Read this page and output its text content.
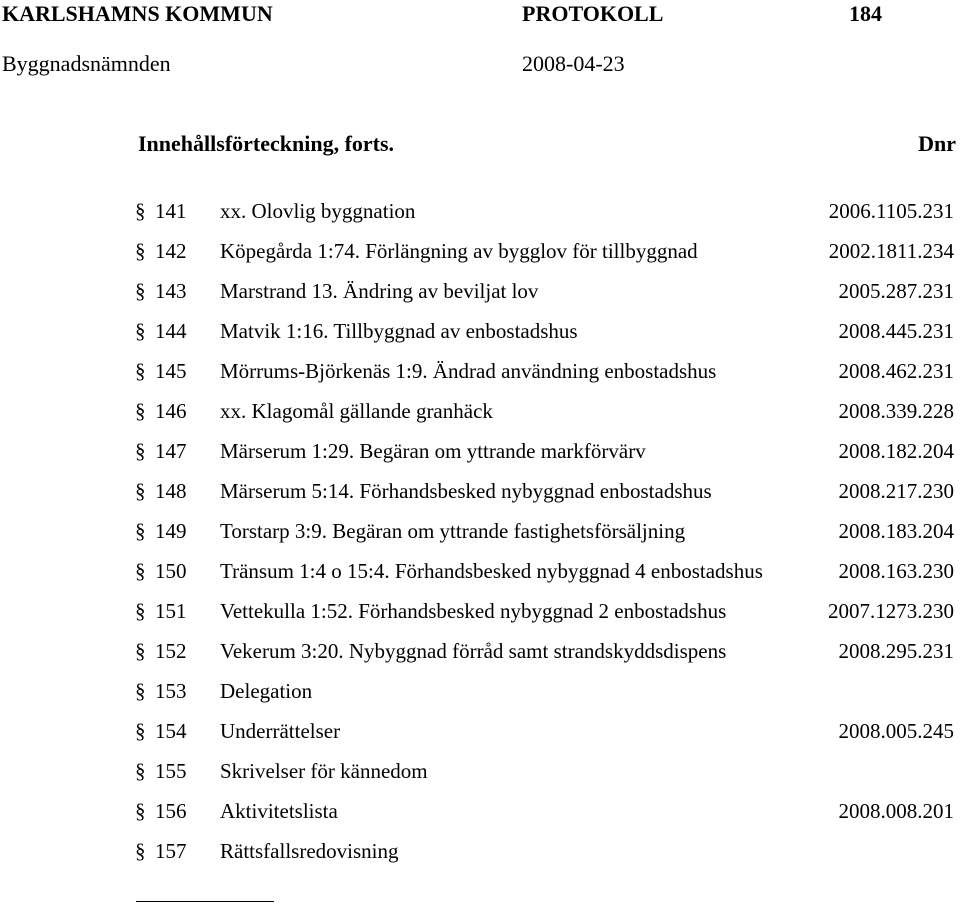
KARLSHAMNS KOMMUN	PROTOKOLL	184
Byggnadsnämnden	2008-04-23
Innehållsförteckning, forts.	Dnr
§ 141 xx. Olovlig byggnation	2006.1105.231
§ 142 Köpegårda 1:74. Förlängning av bygglov för tillbyggnad	2002.1811.234
§ 143 Marstrand 13. Ändring av beviljat lov	2005.287.231
§ 144 Matvik 1:16. Tillbyggnad av enbostadshus	2008.445.231
§ 145 Mörrums-Björkenäs 1:9. Ändrad användning enbostadshus	2008.462.231
§ 146 xx. Klagomål gällande granhäck	2008.339.228
§ 147 Märserum 1:29. Begäran om yttrande markförvärv	2008.182.204
§ 148 Märserum 5:14. Förhandsbesked nybyggnad enbostadshus	2008.217.230
§ 149 Torstarp 3:9. Begäran om yttrande fastighetsförsäljning	2008.183.204
§ 150 Tränsum 1:4 o 15:4. Förhandsbesked nybyggnad 4 enbostadshus	2008.163.230
§ 151 Vettekulla 1:52. Förhandsbesked nybyggnad 2 enbostadshus	2007.1273.230
§ 152 Vekerum 3:20. Nybyggnad förråd samt strandskyddsdispens	2008.295.231
§ 153 Delegation
§ 154 Underrättelser	2008.005.245
§ 155 Skrivelser för kännedom
§ 156 Aktivitetslista	2008.008.201
§ 157 Rättsfallsredovisning
